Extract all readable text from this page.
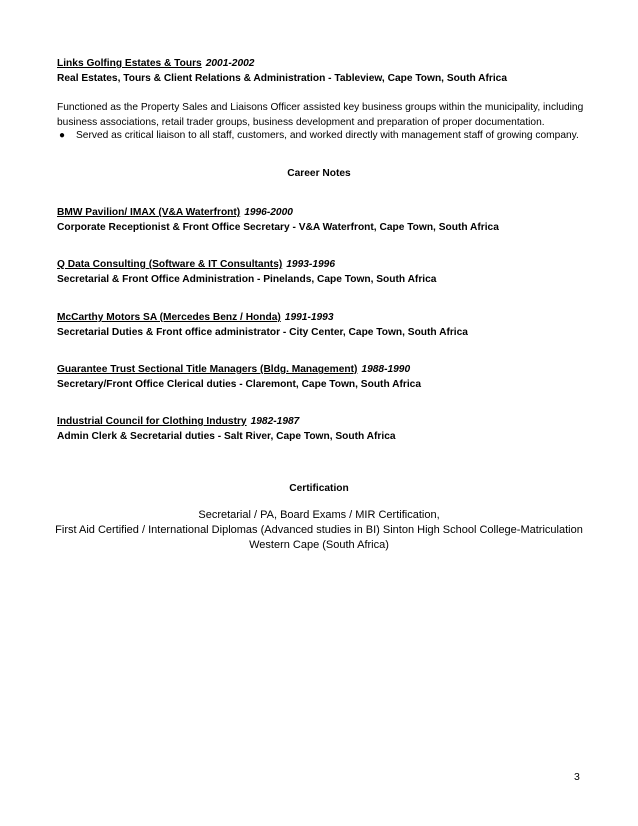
Links Golfing Estates & Tours 2001-2002
Real Estates, Tours & Client Relations & Administration - Tableview, Cape Town, South Africa
Functioned as the Property Sales and Liaisons Officer assisted key business groups within the municipality, including business associations, retail trader groups, business development and preparation of proper documentation.
●	Served as critical liaison to all staff, customers, and worked directly with management staff of growing company.
Career Notes
BMW Pavilion/ IMAX (V&A Waterfront) 1996-2000
Corporate Receptionist & Front Office Secretary - V&A Waterfront, Cape Town, South Africa
Q Data Consulting (Software & IT Consultants) 1993-1996
Secretarial & Front Office Administration - Pinelands, Cape Town, South Africa
McCarthy Motors SA (Mercedes Benz / Honda) 1991-1993
Secretarial Duties & Front office administrator - City Center, Cape Town, South Africa
Guarantee Trust Sectional Title Managers (Bldg. Management) 1988-1990
Secretary/Front Office Clerical duties - Claremont, Cape Town, South Africa
Industrial Council for Clothing Industry 1982-1987
Admin Clerk & Secretarial duties - Salt River, Cape Town, South Africa
Certification
Secretarial / PA, Board Exams / MIR Certification,
First Aid Certified / International Diplomas (Advanced studies in BI) Sinton High School College-Matriculation
Western Cape (South Africa)
3
